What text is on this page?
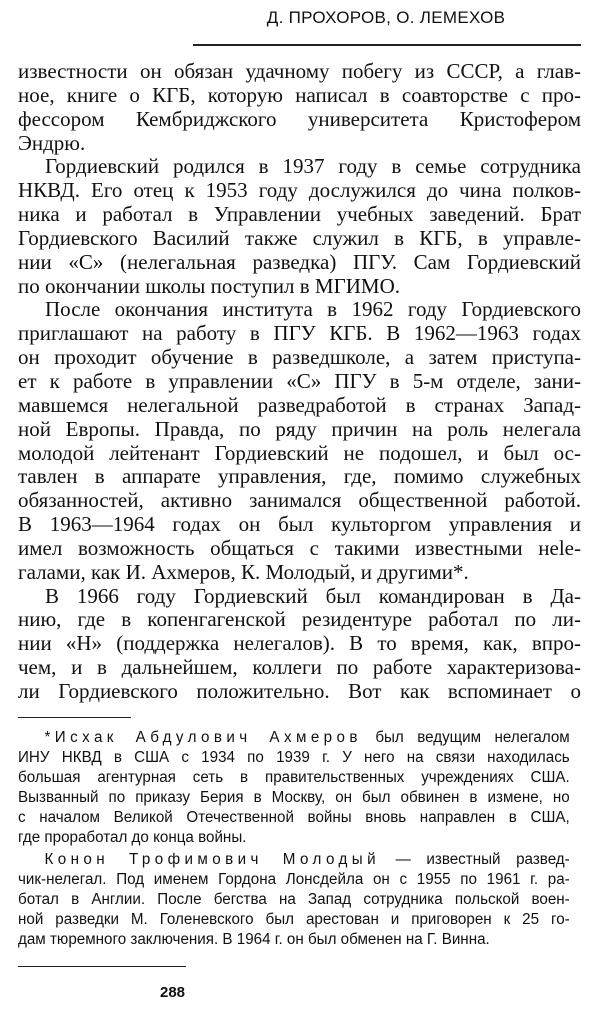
Д. ПРОХОРОВ, О. ЛЕМЕХОВ
известности он обязан удачному побегу из СССР, а глав-
ное, книге о КГБ, которую написал в соавторстве с про-
фессором Кембриджского университета Кристофером
Эндрю.
Гордиевский родился в 1937 году в семье сотрудника
НКВД. Его отец к 1953 году дослужился до чина полков-
ника и работал в Управлении учебных заведений. Брат
Гордиевского Василий также служил в КГБ, в управле-
нии «С» (нелегальная разведка) ПГУ. Сам Гордиевский
по окончании школы поступил в МГИМО.
После окончания института в 1962 году Гордиевского
приглашают на работу в ПГУ КГБ. В 1962—1963 годах
он проходит обучение в разведшколе, а затем приступа-
ет к работе в управлении «С» ПГУ в 5-м отделе, зани-
мавшемся нелегальной разведработой в странах Запад-
ной Европы. Правда, по ряду причин на роль нелегала
молодой лейтенант Гордиевский не подошел, и был ос-
тавлен в аппарате управления, где, помимо служебных
обязанностей, активно занимался общественной работой.
В 1963—1964 годах он был культоргом управления и
имел возможность общаться с такими известными нele-
галами, как И. Ахмеров, К. Молодый, и другими*.
В 1966 году Гордиевский был командирован в Да-
нию, где в копенгагенской резидентуре работал по ли-
нии «Н» (поддержка нелегалов). В то время, как, впро-
чем, и в дальнейшем, коллеги по работе характеризова-
ли Гордиевского положительно. Вот как вспоминает о
*Исхак Абдулович Ахмеров был ведущим нелегалом
ИНУ НКВД в США с 1934 по 1939 г. У него на связи находилась
большая агентурная сеть в правительственных учреждениях США.
Вызванный по приказу Берия в Москву, он был обвинен в измене, но
с началом Великой Отечественной войны вновь направлен в США,
где проработал до конца войны.
Конон Трофимович Молодый — известный развед-
чик-нелегал. Под именем Гордона Лонсдейла он с 1955 по 1961 г. ра-
ботал в Англии. После бегства на Запад сотрудника польской воен-
ной разведки М. Голеневского был арестован и приговорен к 25 го-
дам тюремного заключения. В 1964 г. он был обменен на Г. Винна.
288
